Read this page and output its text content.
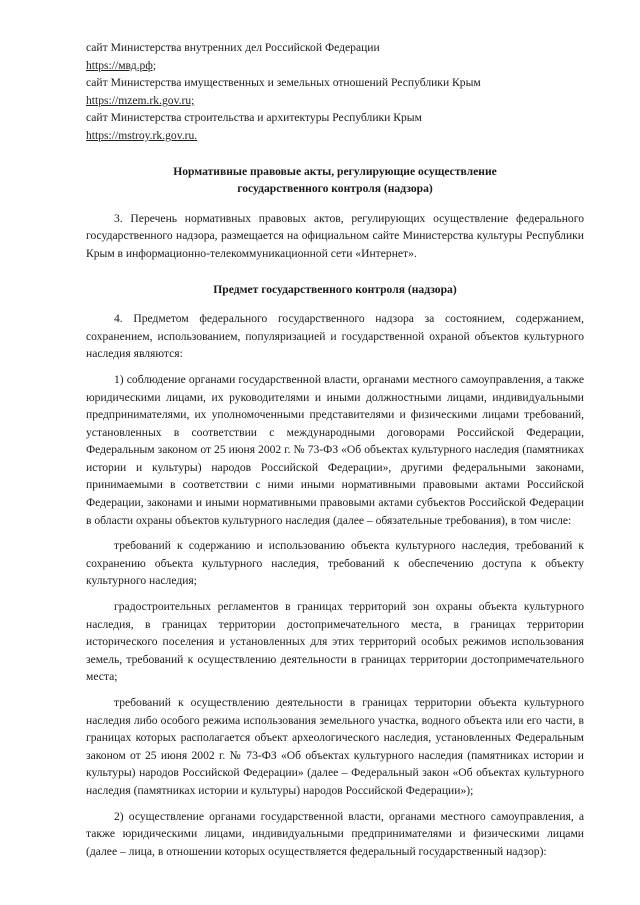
сайт Министерства внутренних дел Российской Федерации

https://мвд.рф;

сайт Министерства имущественных и земельных отношений Республики Крым

https://mzem.rk.gov.ru;

сайт Министерства строительства и архитектуры Республики Крым

https://mstroy.rk.gov.ru.

Нормативные правовые акты, регулирующие осуществление

государственного контроля (надзора)

3. Перечень нормативных правовых актов, регулирующих осуществление федерального государственного надзора, размещается на официальном сайте Министерства культуры Республики Крым в информационно-телекоммуникационной сети «Интернет».

Предмет государственного контроля (надзора)

4. Предметом федерального государственного надзора за состоянием, содержанием, сохранением, использованием, популяризацией и государственной охраной объектов культурного наследия являются:

1) соблюдение органами государственной власти, органами местного самоуправления, а также юридическими лицами, их руководителями и иными должностными лицами, индивидуальными предпринимателями, их уполномоченными представителями и физическими лицами требований, установленных в соответствии с международными договорами Российской Федерации, Федеральным законом от 25 июня 2002 г. № 73-ФЗ «Об объектах культурного наследия (памятниках истории и культуры) народов Российской Федерации», другими федеральными законами, принимаемыми в соответствии с ними иными нормативными правовыми актами Российской Федерации, законами и иными нормативными правовыми актами субъектов Российской Федерации в области охраны объектов культурного наследия (далее – обязательные требования), в том числе:

требований к содержанию и использованию объекта культурного наследия, требований к сохранению объекта культурного наследия, требований к обеспечению доступа к объекту культурного наследия;

градостроительных регламентов в границах территорий зон охраны объекта культурного наследия, в границах территории достопримечательного места, в границах территории исторического поселения и установленных для этих территорий особых режимов использования земель, требований к осуществлению деятельности в границах территории достопримечательного места;

требований к осуществлению деятельности в границах территории объекта культурного наследия либо особого режима использования земельного участка, водного объекта или его части, в границах которых располагается объект археологического наследия, установленных Федеральным законом от 25 июня 2002 г. № 73-ФЗ «Об объектах культурного наследия (памятниках истории и культуры) народов Российской Федерации» (далее – Федеральный закон «Об объектах культурного наследия (памятниках истории и культуры) народов Российской Федерации»);

2) осуществление органами государственной власти, органами местного самоуправления, а также юридическими лицами, индивидуальными предпринимателями и физическими лицами (далее – лица, в отношении которых осуществляется федеральный государственный надзор):
